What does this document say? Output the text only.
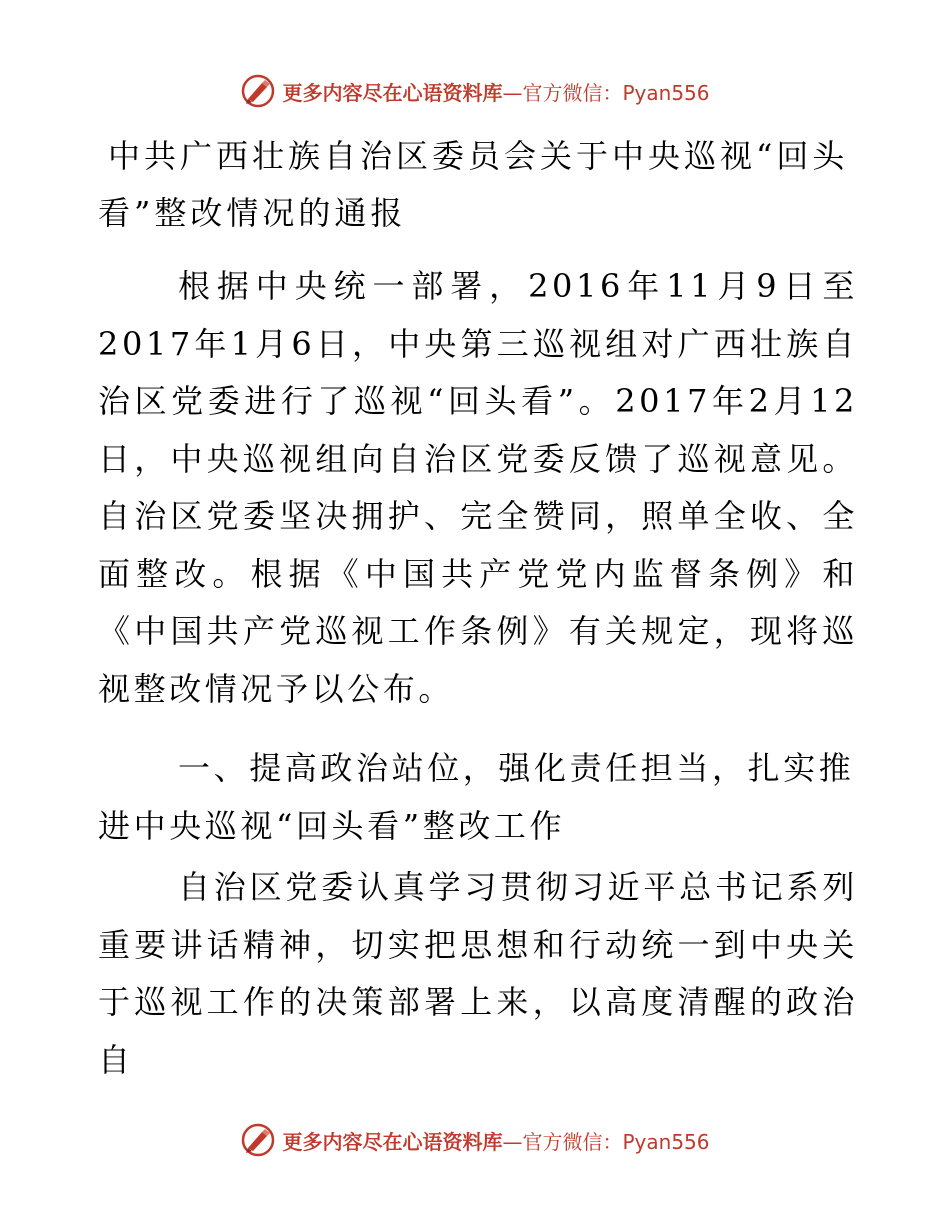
更多内容尽在心语资料库—官方微信：Pyan556
中共广西壮族自治区委员会关于中央巡视“回头看”整改情况的通报

根据中央统一部署，2016年11月9日至2017年1月6日，中央第三巡视组对广西壮族自治区党委进行了巡视“回头看”。2017年2月12日，中央巡视组向自治区党委反馈了巡视意见。自治区党委坚决拥护、完全赞同，照单全收、全面整改。根据《中国共产党党内监督条例》和《中国共产党巡视工作条例》有关规定，现将巡视整改情况予以公布。

一、提高政治站位，强化责任担当，扎实推进中央巡视“回头看”整改工作

自治区党委认真学习贯彻习近平总书记系列重要讲话精神，切实把思想和行动统一到中央关于巡视工作的决策部署上来，以高度清醒的政治自

更多内容尽在心语资料库—官方微信：Pyan556
